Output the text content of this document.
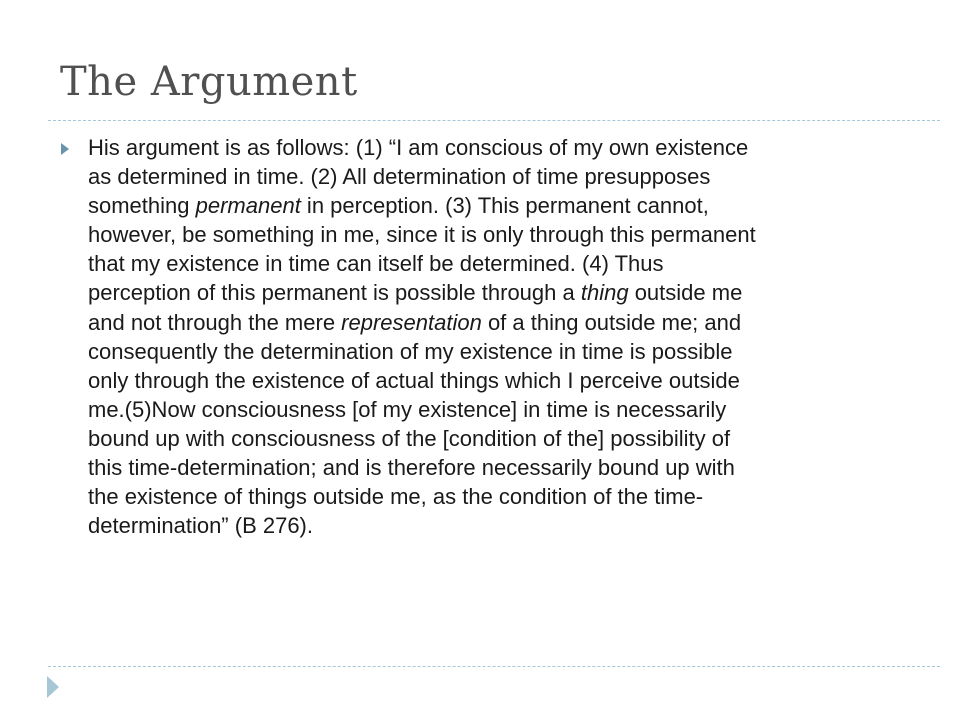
The Argument

His argument is as follows: (1) “I am conscious of my own existence
as determined in time. (2) All determination of time presupposes
something permanent in perception. (3) This permanent cannot,
however, be something in me, since it is only through this permanent
that my existence in time can itself be determined. (4) Thus
perception of this permanent is possible through a thing outside me
and not through the mere representation of a thing outside me; and
consequently the determination of my existence in time is possible
only through the existence of actual things which I perceive outside
me.(5)Now consciousness [of my existence] in time is necessarily
bound up with consciousness of the [condition of the] possibility of
this time-determination; and is therefore necessarily bound up with
the existence of things outside me, as the condition of the time-
determination” (B 276).
